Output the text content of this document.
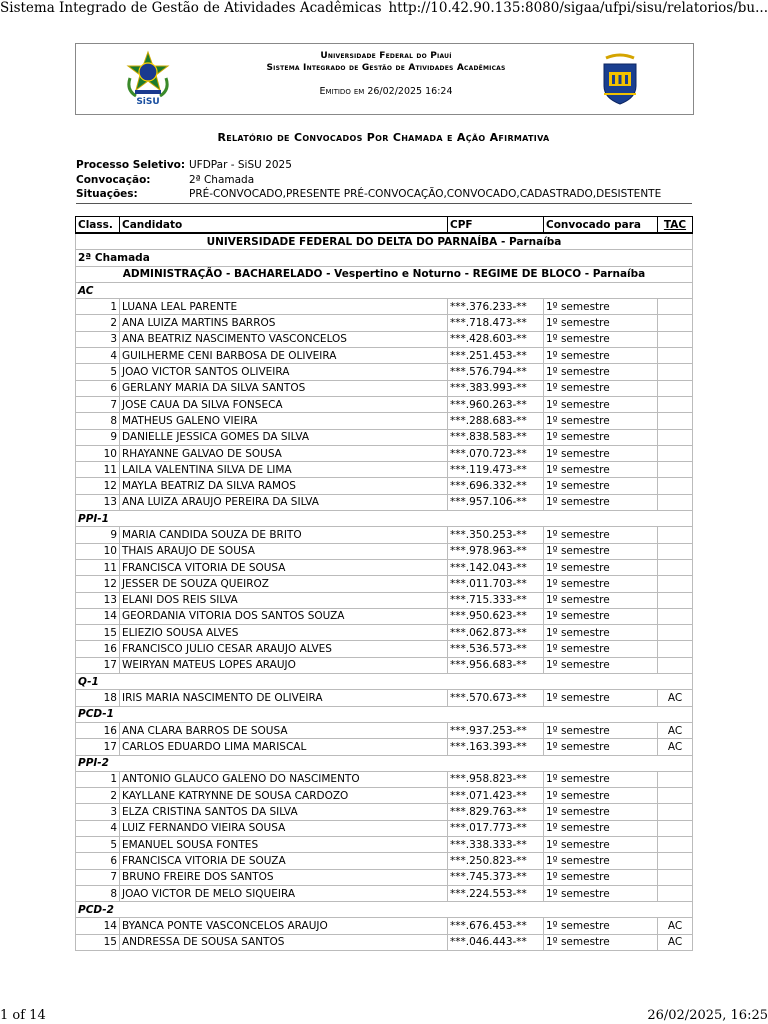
Sistema Integrado de Gestão de Atividades Acadêmicas http://10.42.90.135:8080/sigaa/ufpi/sisu/relatorios/bu...
SiSU
Universidade Federal do Piauí
Sistema Integrado de Gestão de Atividades Acadêmicas
Emitido em 26/02/2025 16:24
Relatório de Convocados Por Chamada e Ação Afirmativa
Processo Seletivo: UFDPar - SiSU 2025
Convocação:	2ª Chamada
Situações:	PRÉ-CONVOCADO,PRESENTE PRÉ-CONVOCAÇÃO,CONVOCADO,CADASTRADO,DESISTENTE
Class.	Candidato	CPF	Convocado para	TAC
UNIVERSIDADE FEDERAL DO DELTA DO PARNAÍBA - Parnaíba				
2ª Chamada				
ADMINISTRAÇÃO - BACHARELADO - Vespertino e Noturno - REGIME DE BLOCO - Parnaíba				
AC				
1	LUANA LEAL PARENTE	***.376.233-**	1º semestre	
2	ANA LUIZA MARTINS BARROS	***.718.473-**	1º semestre	
3	ANA BEATRIZ NASCIMENTO VASCONCELOS	***.428.603-**	1º semestre	
4	GUILHERME CENI BARBOSA DE OLIVEIRA	***.251.453-**	1º semestre	
5	JOAO VICTOR SANTOS OLIVEIRA	***.576.794-**	1º semestre	
6	GERLANY MARIA DA SILVA SANTOS	***.383.993-**	1º semestre	
7	JOSE CAUA DA SILVA FONSECA	***.960.263-**	1º semestre	
8	MATHEUS GALENO VIEIRA	***.288.683-**	1º semestre	
9	DANIELLE JESSICA GOMES DA SILVA	***.838.583-**	1º semestre	
10	RHAYANNE GALVAO DE SOUSA	***.070.723-**	1º semestre	
11	LAILA VALENTINA SILVA DE LIMA	***.119.473-**	1º semestre	
12	MAYLA BEATRIZ DA SILVA RAMOS	***.696.332-**	1º semestre	
13	ANA LUIZA ARAUJO PEREIRA DA SILVA	***.957.106-**	1º semestre	
PPI-1				
9	MARIA CANDIDA SOUZA DE BRITO	***.350.253-**	1º semestre	
10	THAIS ARAUJO DE SOUSA	***.978.963-**	1º semestre	
11	FRANCISCA VITORIA DE SOUSA	***.142.043-**	1º semestre	
12	JESSER DE SOUZA QUEIROZ	***.011.703-**	1º semestre	
13	ELANI DOS REIS SILVA	***.715.333-**	1º semestre	
14	GEORDANIA VITORIA DOS SANTOS SOUZA	***.950.623-**	1º semestre	
15	ELIEZIO SOUSA ALVES	***.062.873-**	1º semestre	
16	FRANCISCO JULIO CESAR ARAUJO ALVES	***.536.573-**	1º semestre	
17	WEIRYAN MATEUS LOPES ARAUJO	***.956.683-**	1º semestre	
Q-1				
18	IRIS MARIA NASCIMENTO DE OLIVEIRA	***.570.673-**	1º semestre	AC
PCD-1				
16	ANA CLARA BARROS DE SOUSA	***.937.253-**	1º semestre	AC
17	CARLOS EDUARDO LIMA MARISCAL	***.163.393-**	1º semestre	AC
PPI-2				
1	ANTONIO GLAUCO GALENO DO NASCIMENTO	***.958.823-**	1º semestre	
2	KAYLLANE KATRYNNE DE SOUSA CARDOZO	***.071.423-**	1º semestre	
3	ELZA CRISTINA SANTOS DA SILVA	***.829.763-**	1º semestre	
4	LUIZ FERNANDO VIEIRA SOUSA	***.017.773-**	1º semestre	
5	EMANUEL SOUSA FONTES	***.338.333-**	1º semestre	
6	FRANCISCA VITORIA DE SOUZA	***.250.823-**	1º semestre	
7	BRUNO FREIRE DOS SANTOS	***.745.373-**	1º semestre	
8	JOAO VICTOR DE MELO SIQUEIRA	***.224.553-**	1º semestre	
PCD-2				
14	BYANCA PONTE VASCONCELOS ARAUJO	***.676.453-**	1º semestre	AC
15	ANDRESSA DE SOUSA SANTOS	***.046.443-**	1º semestre	AC
1 of 14	26/02/2025, 16:25
